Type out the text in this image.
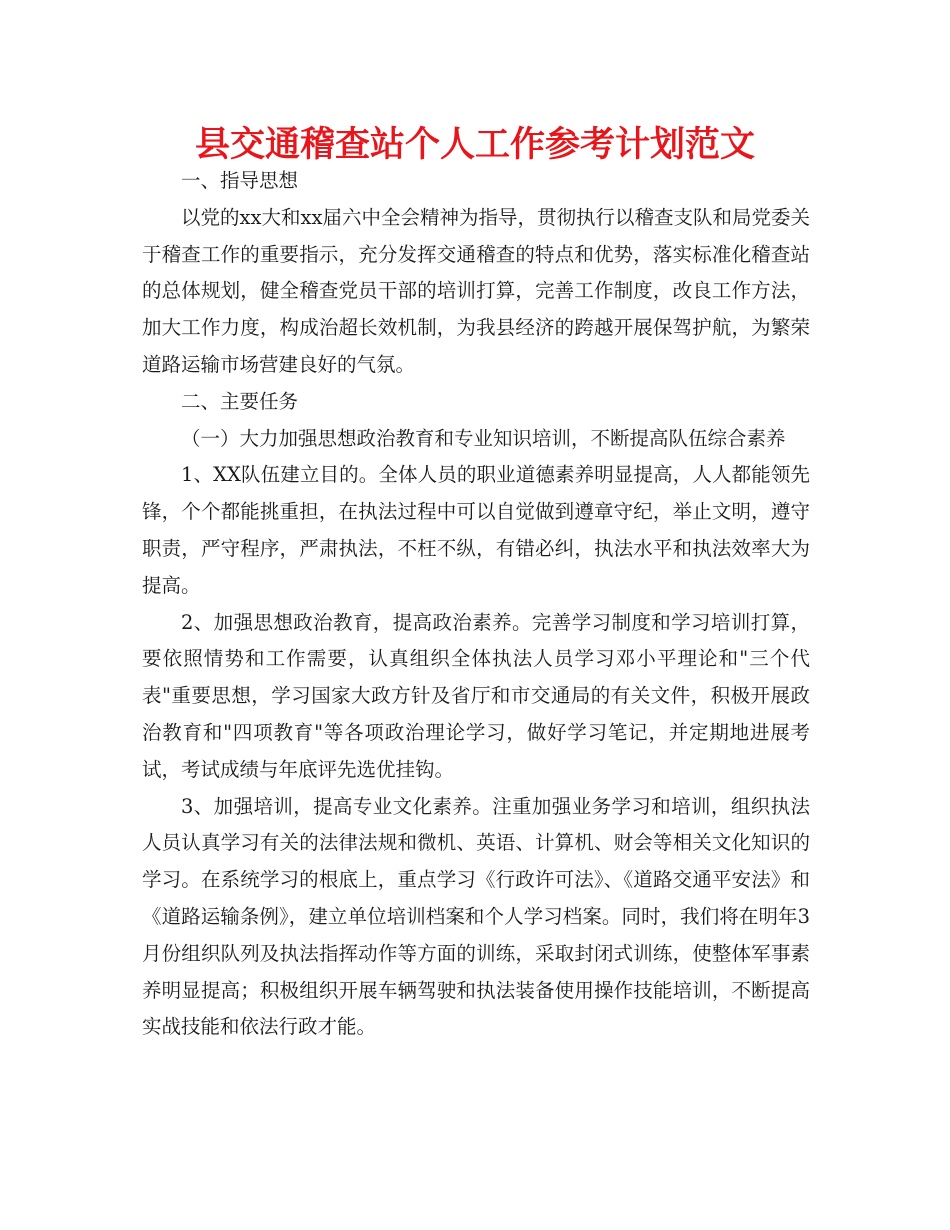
县交通稽查站个人工作参考计划范文

一、指导思想

以党的xx大和xx届六中全会精神为指导，贯彻执行以稽查支队和局党委关于稽查工作的重要指示，充分发挥交通稽查的特点和优势，落实标准化稽查站的总体规划，健全稽查党员干部的培训打算，完善工作制度，改良工作方法，加大工作力度，构成治超长效机制，为我县经济的跨越开展保驾护航，为繁荣道路运输市场营建良好的气氛。

二、主要任务

（一）大力加强思想政治教育和专业知识培训，不断提高队伍综合素养

1、XX队伍建立目的。全体人员的职业道德素养明显提高，人人都能领先锋，个个都能挑重担，在执法过程中可以自觉做到遵章守纪，举止文明，遵守职责，严守程序，严肃执法，不枉不纵，有错必纠，执法水平和执法效率大为提高。

2、加强思想政治教育，提高政治素养。完善学习制度和学习培训打算，要依照情势和工作需要，认真组织全体执法人员学习邓小平理论和"三个代表"重要思想，学习国家大政方针及省厅和市交通局的有关文件，积极开展政治教育和"四项教育"等各项政治理论学习，做好学习笔记，并定期地进展考试，考试成绩与年底评先选优挂钩。

3、加强培训，提高专业文化素养。注重加强业务学习和培训，组织执法人员认真学习有关的法律法规和微机、英语、计算机、财会等相关文化知识的学习。在系统学习的根底上，重点学习《行政许可法》、《道路交通平安法》和《道路运输条例》，建立单位培训档案和个人学习档案。同时，我们将在明年3月份组织队列及执法指挥动作等方面的训练，采取封闭式训练，使整体军事素养明显提高；积极组织开展车辆驾驶和执法装备使用操作技能培训，不断提高实战技能和依法行政才能。
